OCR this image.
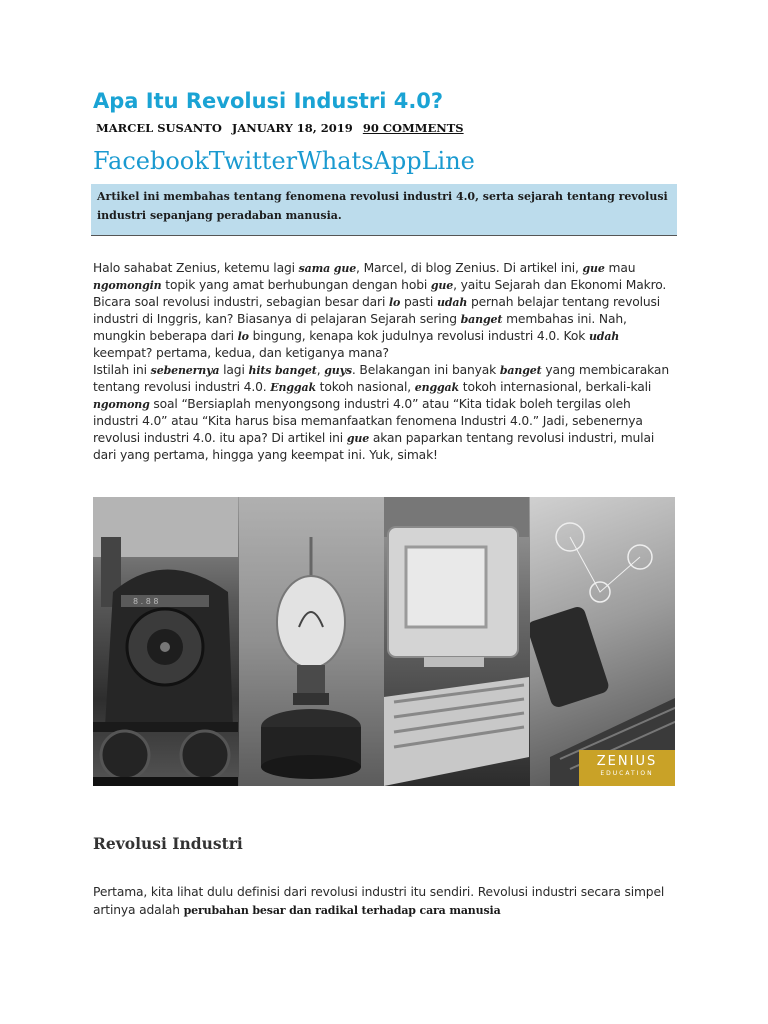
Apa Itu Revolusi Industri 4.0?
MARCEL SUSANTO JANUARY 18, 2019 90 COMMENTS
FacebookTwitterWhatsAppLine
Artikel ini membahas tentang fenomena revolusi industri 4.0, serta sejarah tentang revolusi industri sepanjang peradaban manusia.

Halo sahabat Zenius, ketemu lagi sama gue, Marcel, di blog Zenius. Di artikel ini, gue mau ngomongin topik yang amat berhubungan dengan hobi gue, yaitu Sejarah dan Ekonomi Makro.

Bicara soal revolusi industri, sebagian besar dari lo pasti udah pernah belajar tentang revolusi industri di Inggris, kan? Biasanya di pelajaran Sejarah sering banget membahas ini. Nah, mungkin beberapa dari lo bingung, kenapa kok judulnya revolusi industri 4.0. Kok udah keempat? pertama, kedua, dan ketiganya mana?

Istilah ini sebenernya lagi hits banget, guys. Belakangan ini banyak banget yang membicarakan tentang revolusi industri 4.0. Enggak tokoh nasional, enggak tokoh internasional, berkali-kali ngomong soal “Bersiaplah menyongsong industri 4.0” atau “Kita tidak boleh tergilas oleh industri 4.0” atau “Kita harus bisa memanfaatkan fenomena Industri 4.0.” Jadi, sebenernya revolusi industri 4.0. itu apa? Di artikel ini gue akan paparkan tentang revolusi industri, mulai dari yang pertama, hingga yang keempat ini. Yuk, simak!

8 . 8 8
ZENIUS
EDUCATION
Revolusi Industri

Pertama, kita lihat dulu definisi dari revolusi industri itu sendiri. Revolusi industri secara simpel artinya adalah perubahan besar dan radikal terhadap cara manusia
